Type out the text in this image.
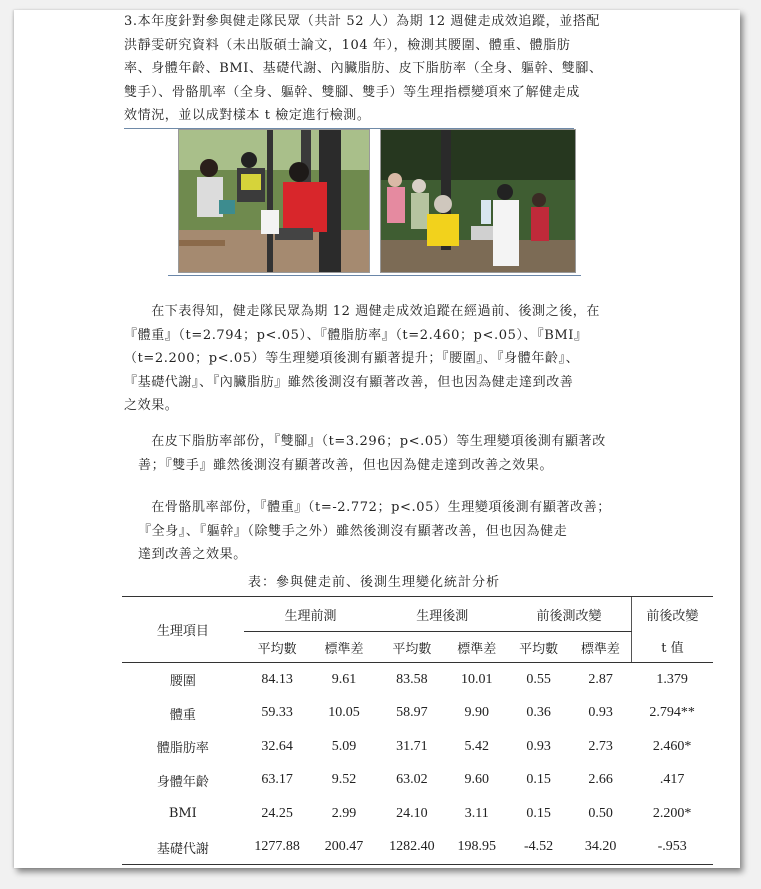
3.本年度針對參與健走隊民眾（共計 52 人）為期 12 週健走成效追蹤，並搭配
洪靜雯研究資料（未出版碩士論文，104 年），檢測其腰圍、體重、體脂肪
率、身體年齡、BMI、基礎代謝、內臟脂肪、皮下脂肪率（全身、軀幹、雙腳、
雙手）、骨骼肌率（全身、軀幹、雙腳、雙手）等生理指標變項來了解健走成
效情況，並以成對樣本 t 檢定進行檢測。
　　在下表得知，健走隊民眾為期 12 週健走成效追蹤在經過前、後測之後，在
『體重』（t=2.794；p<.05）、『體脂肪率』（t=2.460；p<.05）、『BMI』
（t=2.200；p<.05）等生理變項後測有顯著提升；『腰圍』、『身體年齡』、
『基礎代謝』、『內臟脂肪』雖然後測沒有顯著改善，但也因為健走達到改善
之效果。
　　在皮下脂肪率部份，『雙腳』（t=3.296；p<.05）等生理變項後測有顯著改
善；『雙手』雖然後測沒有顯著改善，但也因為健走達到改善之效果。
　　在骨骼肌率部份，『體重』（t=-2.772；p<.05）生理變項後測有顯著改善；
『全身』、『軀幹』（除雙手之外）雖然後測沒有顯著改善，但也因為健走
達到改善之效果。
表：參與健走前、後測生理變化統計分析
生理項目	生理前測		生理後測		前後測改變		前後改變
	平均數	標準差	平均數	標準差	平均數	標準差	t 值
腰圍	84.13	9.61	83.58	10.01	0.55	2.87	1.379
體重	59.33	10.05	58.97	9.90	0.36	0.93	2.794**
體脂肪率	32.64	5.09	31.71	5.42	0.93	2.73	2.460*
身體年齡	63.17	9.52	63.02	9.60	0.15	2.66	.417
BMI	24.25	2.99	24.10	3.11	0.15	0.50	2.200*
基礎代謝	1277.88	200.47	1282.40	198.95	-4.52	34.20	-.953
